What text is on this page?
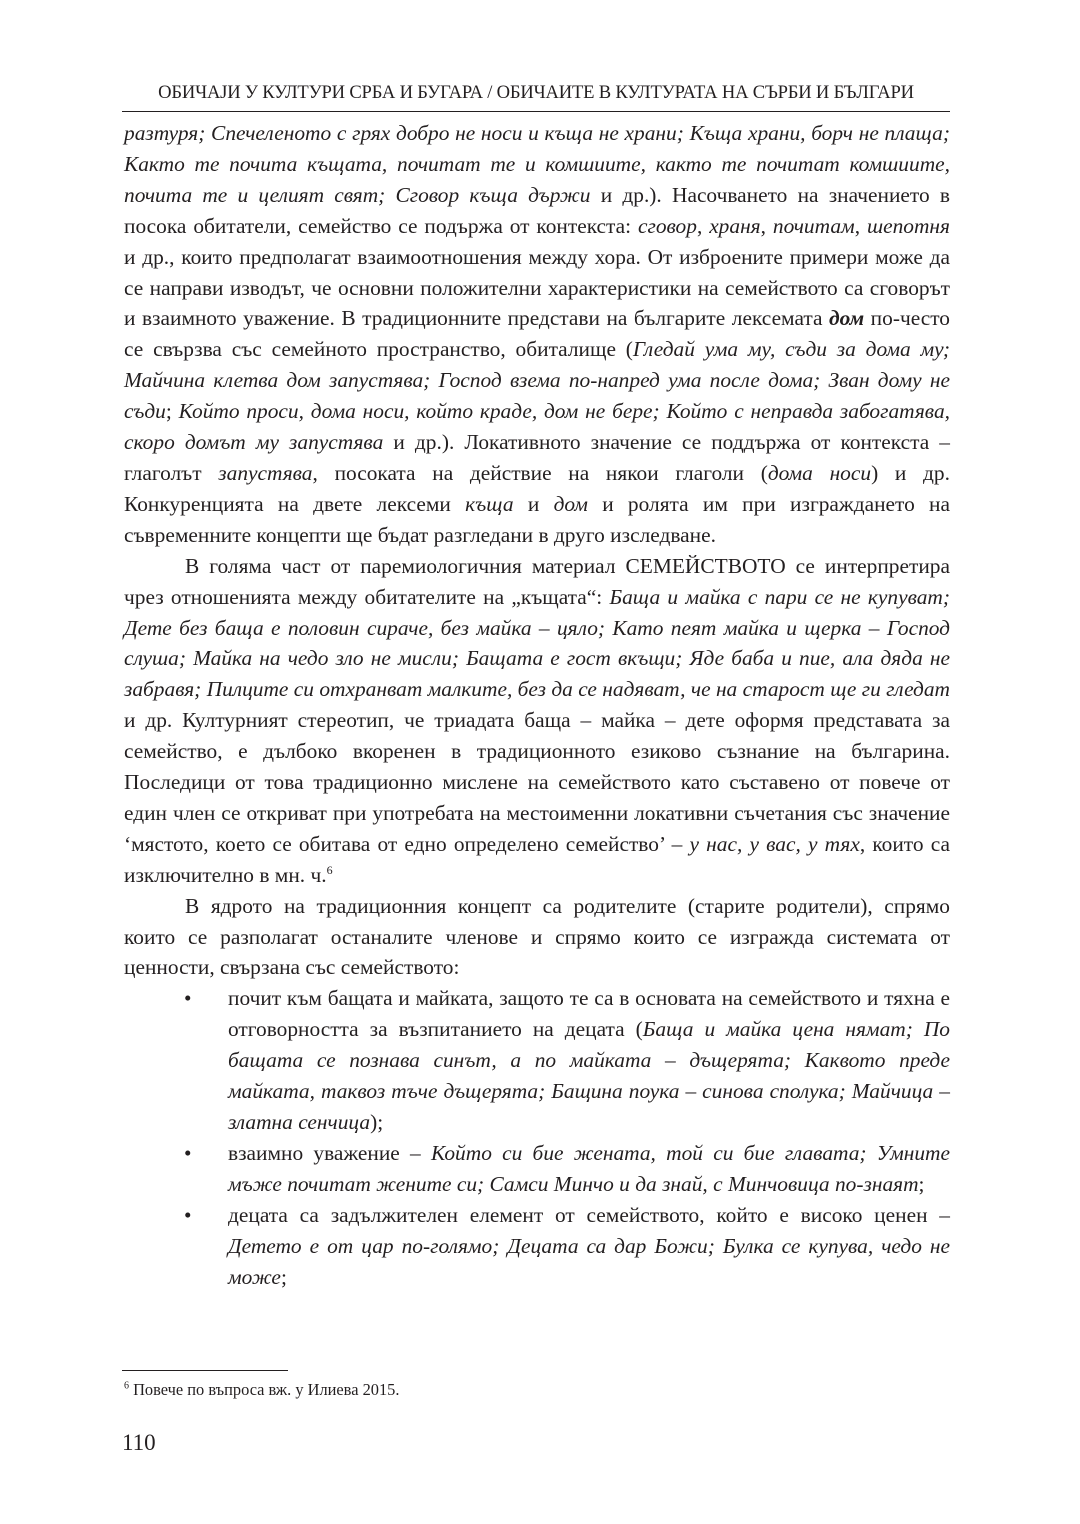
ОБИЧАЈИ У КУЛТУРИ СРБА И БУГАРА / ОБИЧАИТЕ В КУЛТУРАТА НА СЪРБИ И БЪЛГАРИ

разтуря; Спечеленото с грях добро не носи и къща не храни; Къща храни, борч не плаща; Както те почита къщата, почитат те и комшиите, както те почитат комшиите, почита те и целият свят; Сговор къща държи и др.). Насочването на значението в посока обитатели, семейство се подържа от контекста: сговор, храня, почитам, шепотня и др., които предполагат взаимоотношения между хора. От изброените примери може да се направи изводът, че основни положителни характеристики на семейството са сговорът и взаимното уважение. В традиционните представи на българите лексемата дом по-често се свързва със семейното пространство, обиталище (Гледай ума му, съди за дома му; Майчина клетва дом запустява; Господ взема по-напред ума после дома; Зван дому не съди; Който проси, дома носи, който краде, дом не бере; Който с неправда забогатява, скоро домът му запустява и др.). Локативното значение се поддържа от контекста – глаголът запустява, посоката на действие на някои глаголи (дома носи) и др. Конкуренцията на двете лексеми къща и дом и ролята им при изграждането на съвременните концепти ще бъдат разгледани в друго изследване.

В голяма част от паремиологичния материал СЕМЕЙСТВОТО се интерпретира чрез отношенията между обитателите на „къщата“: Баща и майка с пари се не купуват; Дете без баща е половин сираче, без майка – цяло; Като пеят майка и щерка – Господ слуша; Майка на чедо зло не мисли; Бащата е гост вкъщи; Яде баба и пие, ала дядa не забравя; Пилците си отхранват малките, без да се надяват, че на старост ще ги гледат и др. Културният стереотип, че триадата баща – майка – дете оформя представата за семейство, е дълбоко вкоренен в традиционното езиково съзнание на българина. Последици от това традиционно мислене на семейството като съставено от повече от един член се откриват при употребата на местоименни локативни съчетания със значение ‘мястото, което се обитава от едно определено семейство’ – у нас, у вас, у тях, които са изключително в мн. ч.$^6$

В ядрото на традиционния концепт са родителите (старите родители), спрямо които се разполагат останалите членове и спрямо които се изгражда системата от ценности, свързана със семейството:

• почит към бащата и майката, защото те са в основата на семейството и тяхна е отговорността за възпитанието на децата (Баща и майка цена нямат; По бащата се познава синът, а по майката – дъщерята; Каквото преде майката, таквоз тъче дъщерята; Бащина поука – синова сполука; Майчица – златна сенчица);
• взаимно уважение – Който си бие жената, той си бие главата; Умните мъже почитат жените си; Самси Минчо и да знай, с Минчовица по-знаят;
• децата са задължителен елемент от семейството, който е високо ценен – Детето е от цар по-голямо; Децата са дар Божи; Булка се купува, чедо не може;
$^6$ Повече по въпроса вж. у Илиева 2015.
110
